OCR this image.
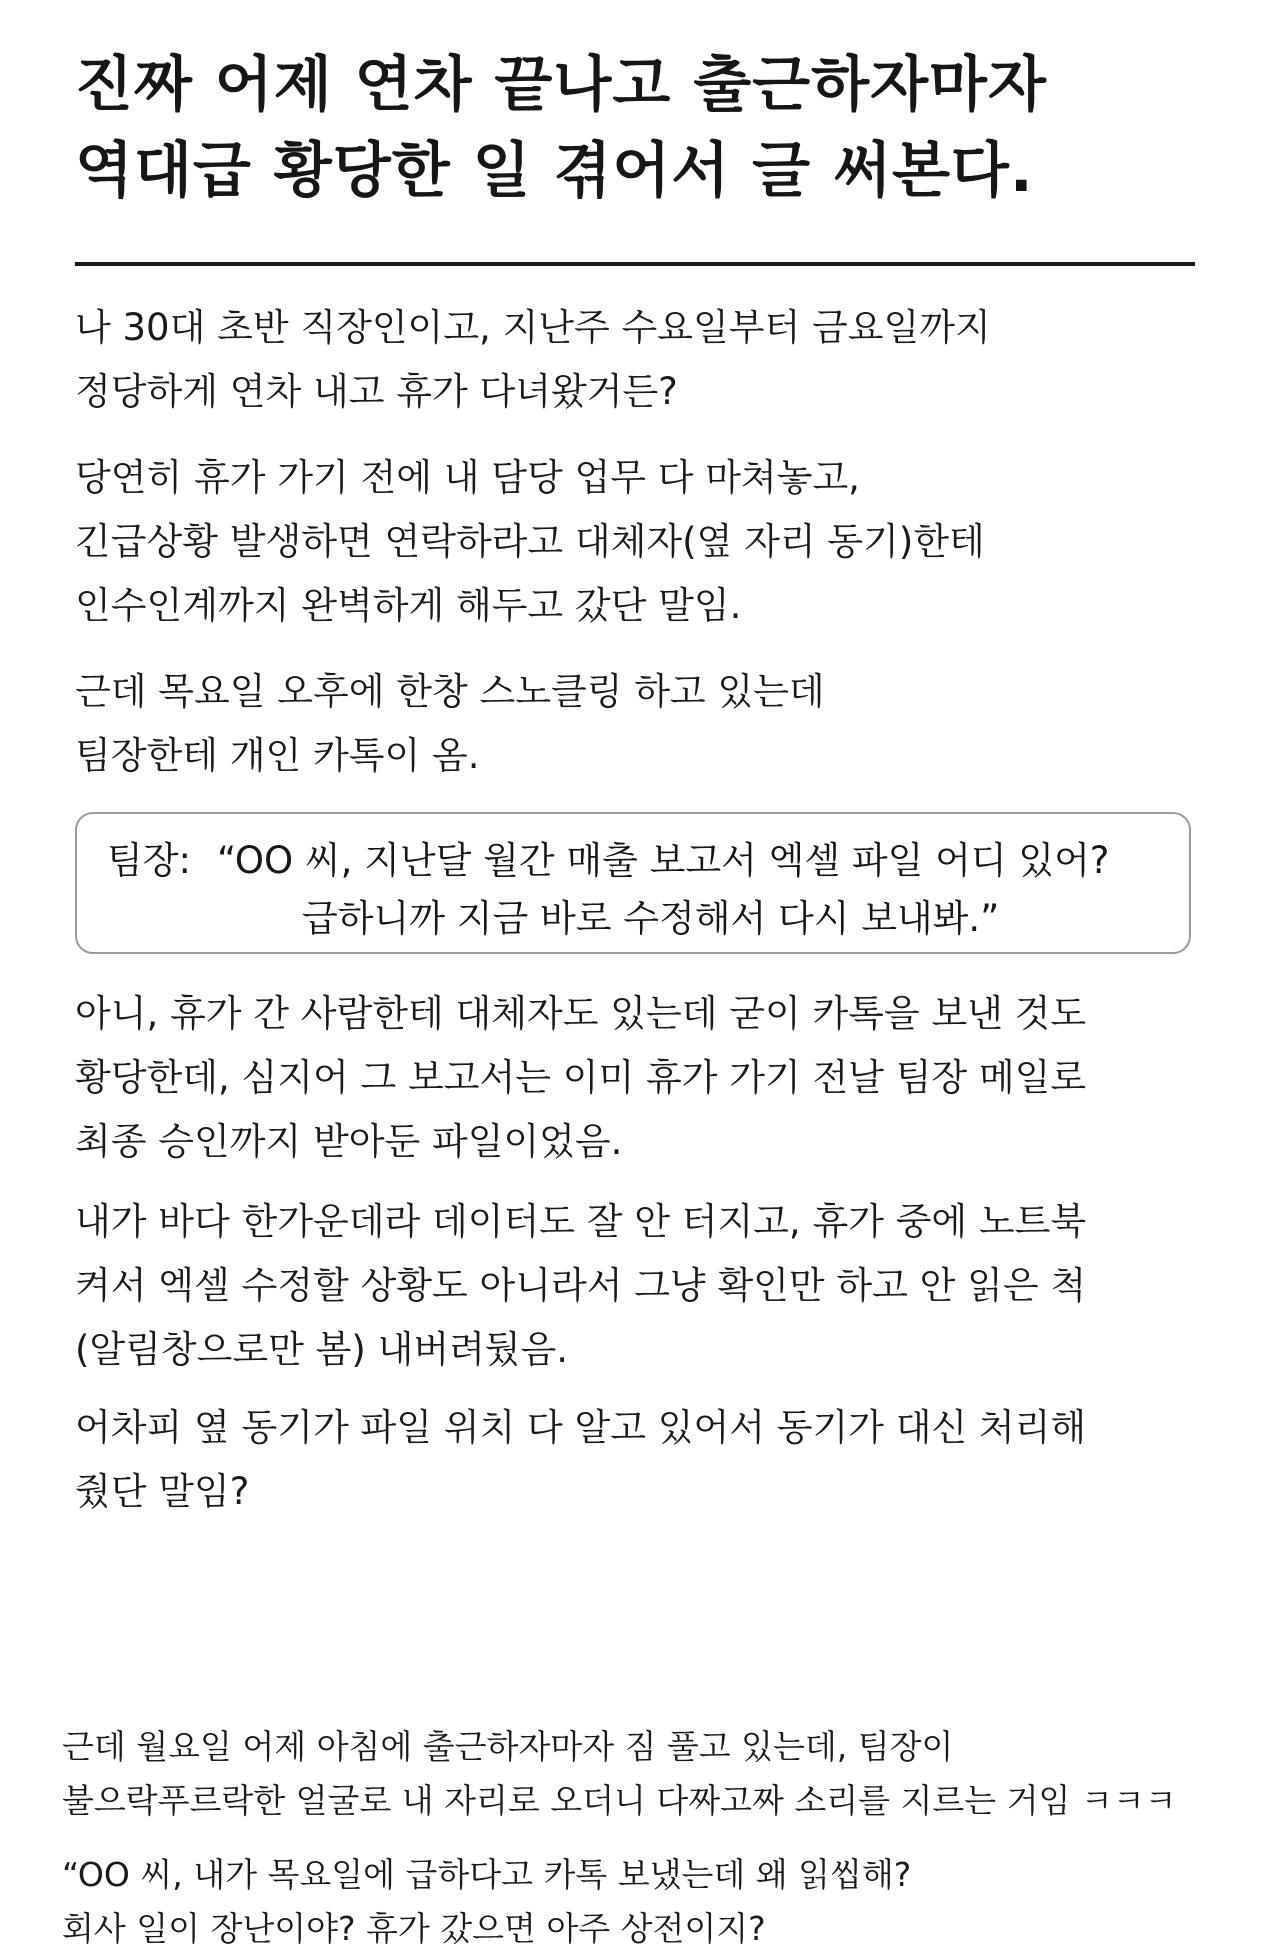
진짜 어제 연차 끝나고 출근하자마자
역대급 황당한 일 겪어서 글 써본다.

나 30대 초반 직장인이고, 지난주 수요일부터 금요일까지
정당하게 연차 내고 휴가 다녀왔거든?

당연히 휴가 가기 전에 내 담당 업무 다 마쳐놓고,
긴급상황 발생하면 연락하라고 대체자(옆 자리 동기)한테
인수인계까지 완벽하게 해두고 갔단 말임.

근데 목요일 오후에 한창 스노클링 하고 있는데
팀장한테 개인 카톡이 옴.

팀장: “OO 씨, 지난달 월간 매출 보고서 엑셀 파일 어디 있어?
급하니까 지금 바로 수정해서 다시 보내봐.”

아니, 휴가 간 사람한테 대체자도 있는데 굳이 카톡을 보낸 것도
황당한데, 심지어 그 보고서는 이미 휴가 가기 전날 팀장 메일로
최종 승인까지 받아둔 파일이었음.

내가 바다 한가운데라 데이터도 잘 안 터지고, 휴가 중에 노트북
켜서 엑셀 수정할 상황도 아니라서 그냥 확인만 하고 안 읽은 척
(알림창으로만 봄) 내버려뒀음.

어차피 옆 동기가 파일 위치 다 알고 있어서 동기가 대신 처리해
줬단 말임?

근데 월요일 어제 아침에 출근하자마자 짐 풀고 있는데, 팀장이
불으락푸르락한 얼굴로 내 자리로 오더니 다짜고짜 소리를 지르는 거임 ㅋㅋㅋ

“OO 씨, 내가 목요일에 급하다고 카톡 보냈는데 왜 읽씹해?
회사 일이 장난이야? 휴가 갔으면 아주 상전이지?
